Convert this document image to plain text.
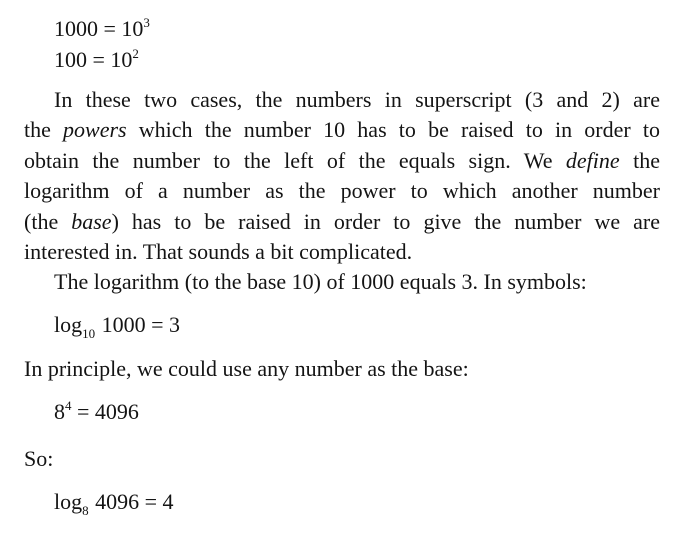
$1000 = 10^3$
$100 = 10^2$
In these two cases, the numbers in superscript (3 and 2) are
the powers which the number 10 has to be raised to in order to
obtain the number to the left of the equals sign. We define the
logarithm of a number as the power to which another number
(the base) has to be raised in order to give the number we are
interested in. That sounds a bit complicated.
The logarithm (to the base 10) of 1000 equals 3. In symbols:
$\log_{10} 1000 = 3$
In principle, we could use any number as the base:
$8^4 = 4096$
So:
$\log_8 4096 = 4$
